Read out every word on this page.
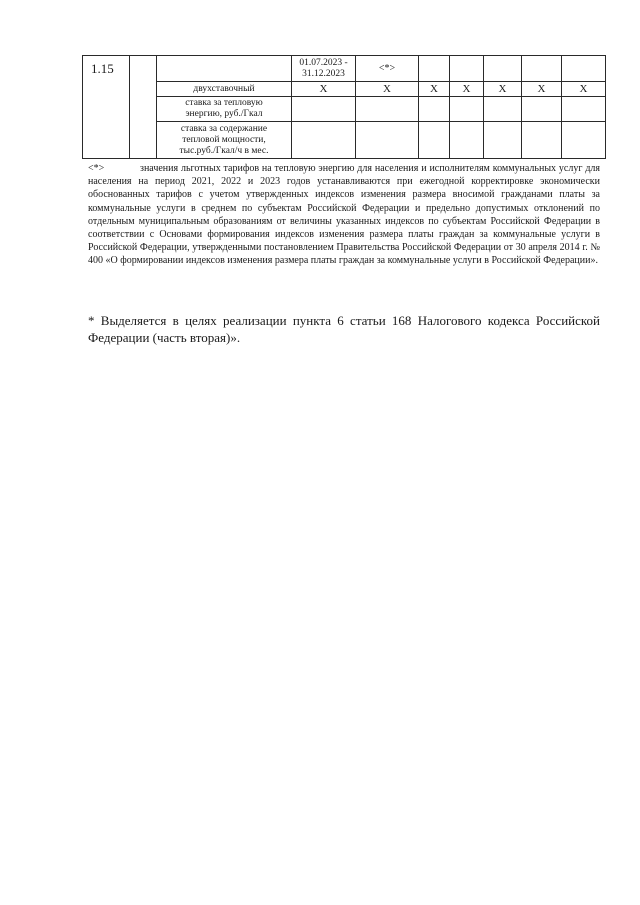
1.15			01.07.2023 -
31.12.2023	<*>					
		двухставочный	Х	Х	Х	Х	Х	Х	Х
		ставка за тепловую
энергию, руб./Гкал							
		ставка за содержание
тепловой мощности,
тыс.руб./Гкал/ч в мес.							
<*>	значения льготных тарифов на тепловую энергию для населения и исполнителям коммунальных услуг для населения на период 2021, 2022 и 2023 годов устанавливаются при ежегодной корректировке экономически обоснованных тарифов с учетом утвержденных индексов изменения размера вносимой гражданами платы за коммунальные услуги в среднем по субъектам Российской Федерации и предельно допустимых отклонений по отдельным муниципальным образованиям от величины указанных индексов по субъектам Российской Федерации в соответствии с Основами формирования индексов изменения размера платы граждан за коммунальные услуги в Российской Федерации, утвержденными постановлением Правительства Российской Федерации от 30 апреля 2014 г. № 400 «О формировании индексов изменения размера платы граждан за коммунальные услуги в Российской Федерации».
* Выделяется в целях реализации пункта 6 статьи 168 Налогового кодекса Российской Федерации (часть вторая)».
